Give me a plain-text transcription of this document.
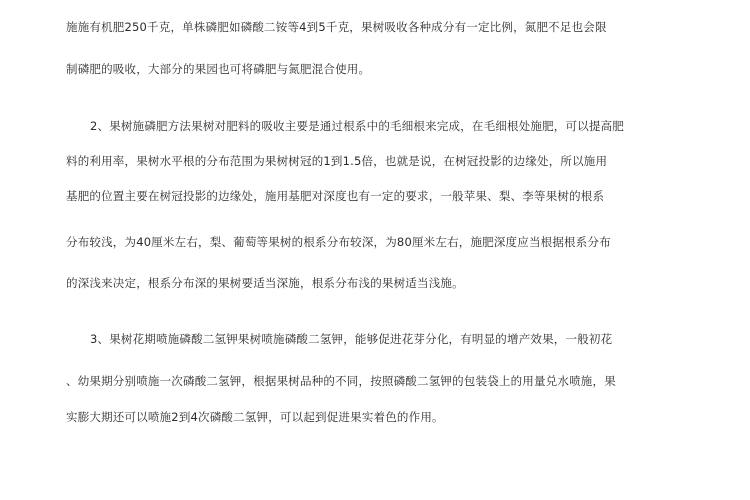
施施有机肥250千克，单株磷肥如磷酸二铵等4到5千克，果树吸收各种成分有一定比例，氮肥不足也会限
制磷肥的吸收，大部分的果园也可将磷肥与氮肥混合使用。
2、果树施磷肥方法果树对肥料的吸收主要是通过根系中的毛细根来完成，在毛细根处施肥，可以提高肥
料的利用率，果树水平根的分布范围为果树树冠的1到1.5倍，也就是说，在树冠投影的边缘处，所以施用
基肥的位置主要在树冠投影的边缘处，施用基肥对深度也有一定的要求，一般苹果、梨、李等果树的根系
分布较浅，为40厘米左右，梨、葡萄等果树的根系分布较深，为80厘米左右，施肥深度应当根据根系分布
的深浅来决定，根系分布深的果树要适当深施，根系分布浅的果树适当浅施。
3、果树花期喷施磷酸二氢钾果树喷施磷酸二氢钾，能够促进花芽分化，有明显的增产效果，一般初花
、幼果期分别喷施一次磷酸二氢钾，根据果树品种的不同，按照磷酸二氢钾的包装袋上的用量兑水喷施，果
实膨大期还可以喷施2到4次磷酸二氢钾，可以起到促进果实着色的作用。
